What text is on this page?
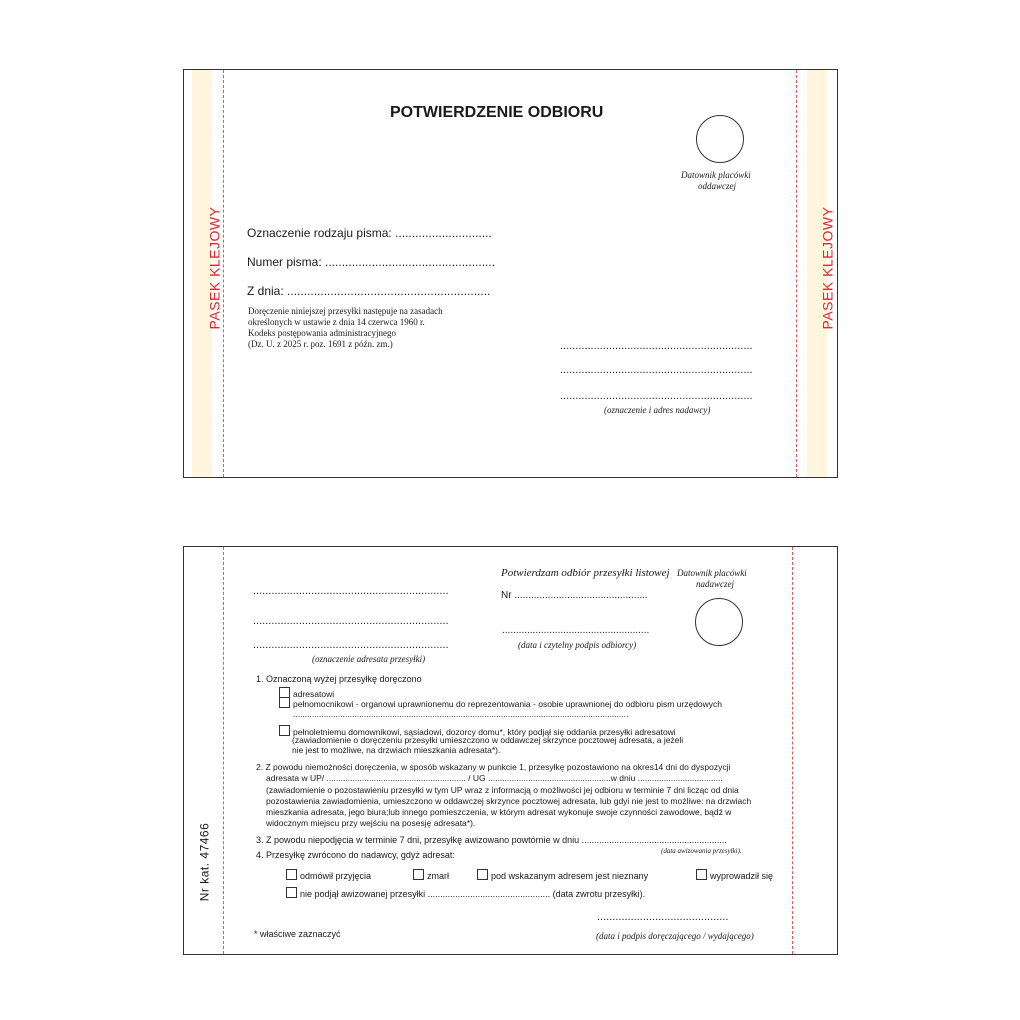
PASEK KLEJOWY	PASEK KLEJOWY
POTWIERDZENIE ODBIORU
Datownik placówki
oddawczej
Oznaczenie rodzaju pisma: .............................
Numer pisma: ...................................................
Z dnia: .............................................................
Doręczenie niniejszej przesyłki następuje na zasadach
określonych w ustawie z dnia 14 czerwca 1960 r.
Kodeks postępowania administracyjnego
(Dz. U. z 2025 r. poz. 1691 z późn. zm.)	...............................................................
...............................................................
...............................................................
(oznaczenie i adres nadawcy)
Nr kat. 47466
................................................................
................................................................
................................................................
(oznaczenie adresata przesyłki)
Potwierdzam odbiór przesyłki listowej
Nr ................................................
.....................................................
(data i czytelny podpis odbiorcy)
Datownik placówki
nadawczej
1. Oznaczoną wyżej przesyłkę doręczono
adresatowi
pełnomocnikowi - organowi uprawnionemu do reprezentowania - osobie uprawnionej do odbioru pism urzędowych
..............................................................................................................................................
pełnoletniemu domownikowi, sąsiadowi, dozorcy domu*, który podjął się oddania przesyłki adresatowi
(zawiadomienie o doręczeniu przesyłki umieszczono w oddawczej skrzynce pocztowej adresata, a jeżeli
nie jest to możliwe, na drzwiach mieszkania adresata*).
2. Z powodu niemożności doręczenia, w sposób wskazany w punkcie 1, przesyłkę pozostawiono na okres14 dni do dyspozycji
adresata w UP/ ........................................................... / UG ....................................................w dniu ....................................
(zawiadomienie o pozostawieniu przesyłki w tym UP wraz z informacją o możliwości jej odbioru w terminie 7 dni licząc od dnia
pozostawienia zawiadomienia, umieszczono w oddawczej skrzynce pocztowej adresata, lub gdyi nie jest to możliwe: na drzwiach
mieszkania adresata, jego biura;lub innego pomieszczenia, w którym adresat wykonuje swoje czynności zawodowe, bądź w
widocznym miejscu przy wejściu na posesję adresata*).
3. Z powodu niepodjęcia w terminie 7 dni, przesyłkę awizowano powtórnie w dniu ..........................................................
(data awizowania przesyłki).
4. Przesyłkę zwrócono do nadawcy, gdyż adresat:
odmówił przyjęcia	zmarł	pod wskazanym adresem jest nieznany	wyprowadził się
nie podjął awizowanej przesyłki ................................................. (data zwrotu przesyłki).
* właściwe zaznaczyć
...........................................
(data i podpis doręczającego / wydającego)
